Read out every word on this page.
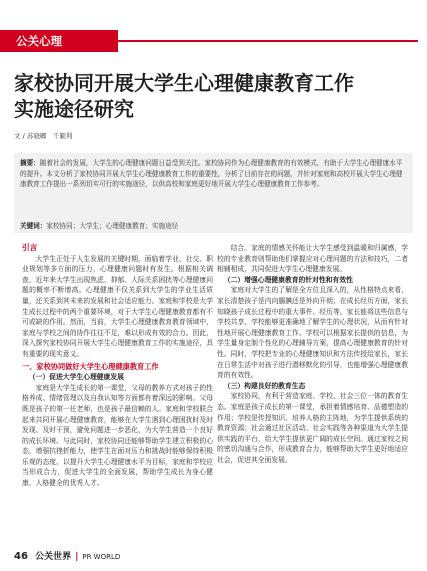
公关心理
家校协同开展大学生心理健康教育工作
实施途径研究
文 / 苏晓卿　千颖利
摘要：随着社会的发展，大学生的心理健康问题日益受到关注。家校协同作为心理健康教育的有效模式，有助于大学生心理健康水平的提升。本文分析了家校协同开展大学生心理健康教育工作的重要性，分析了目前存在的问题，并针对家庭和高校开展大学生心理健康教育工作提出一系列切实可行的实施途径，以供高校和家庭更好地开展大学生心理健康教育工作参考。
关键词：家校协同；大学生；心理健康教育；实施途径

引言

大学生正处于人生发展的关键时期，面临着学业、社交、职业规划等多方面的压力，心理健康问题时有发生。根据相关调查，近年来大学生出现焦虑、抑郁、人际关系困扰等心理健康问题的概率不断增高。心理健康不仅关系到大学生的学业生活质量，还关系到其未来的发展和社会适应能力。家庭和学校是大学生成长过程中的两个重要环境，对于大学生心理健康教育都有不可或缺的作用。然而，当前，大学生心理健康教育教育领域中，家庭与学校之间的协作往往不足，难以形成有效的合力。因此，深入探究家校协同开展大学生心理健康教育工作的实施途径，具有重要的现实意义。

一、家校协同做好大学生心理健康教育工作

（一）促进大学生心理健康发展

家庭是大学生成长的第一课堂，父母的教养方式对孩子的性格养成、情绪管理以及自我认知等方面都有着深远的影响。父母既是孩子的第一任老师，也是孩子最信赖的人。家庭和学校联合起来共同开展心理健康教育，能够在大学生遇到心理困扰时及时发现、及时干预，避免问题进一步恶化，为大学生营造一个良好的成长环境。与此同时，家校协同还能够帮助学生建立积极的心态，增强抗挫折能力，使学生在面对压力和挑战时能够保持积极乐观的态度。以提升大学生心理健康水平为目标，家庭和学校应当形成合力，促进大学生的全面发展，帮助学生成长为身心健康、人格健全的优秀人才。

结合。家庭的情感关怀能让大学生感受到温暖和归属感，学校的专业教育则帮助他们掌握应对心理问题的方法和技巧，二者相辅相成，共同促进大学生心理健康发展。

（二）增强心理健康教育的针对性和有效性

家庭对大学生的了解是全方位且深入的，从性格特点来看，家长清楚孩子是内向腼腆还是外向开朗；在成长经历方面，家长知晓孩子成长过程中的重大事件、经历等。家长能将这些信息与学校共享，学校能够更准确地了解学生的心理状况，从而有针对性地开展心理健康教育工作。学校可以根据家长提供的信息，为学生量身定制个性化的心理辅导方案，提高心理健康教育的针对性。同时，学校把专业的心理健康知识和方法传授给家长，家长在日常生活中对孩子进行潜移默化的引导，也能增强心理健康教育的有效性。

（三）构建良好的教育生态

家校协同，有利于营造家庭、学校、社会三位一体的教育生态。家庭是孩子成长的第一课堂，承担着情感培育、品德塑造的作用；学校是传授知识、培养人格的主阵地，为学生提供系统的教育资源；社会通过社区活动、社会实践等各种渠道为大学生提供实践的平台，给大学生提供更广阔的成长空间。通过家校之间的密切沟通与合作，形成教育合力，能够帮助大学生更好地适应社会，促进其全面发展。

46 公关世界 | PR WORLD
